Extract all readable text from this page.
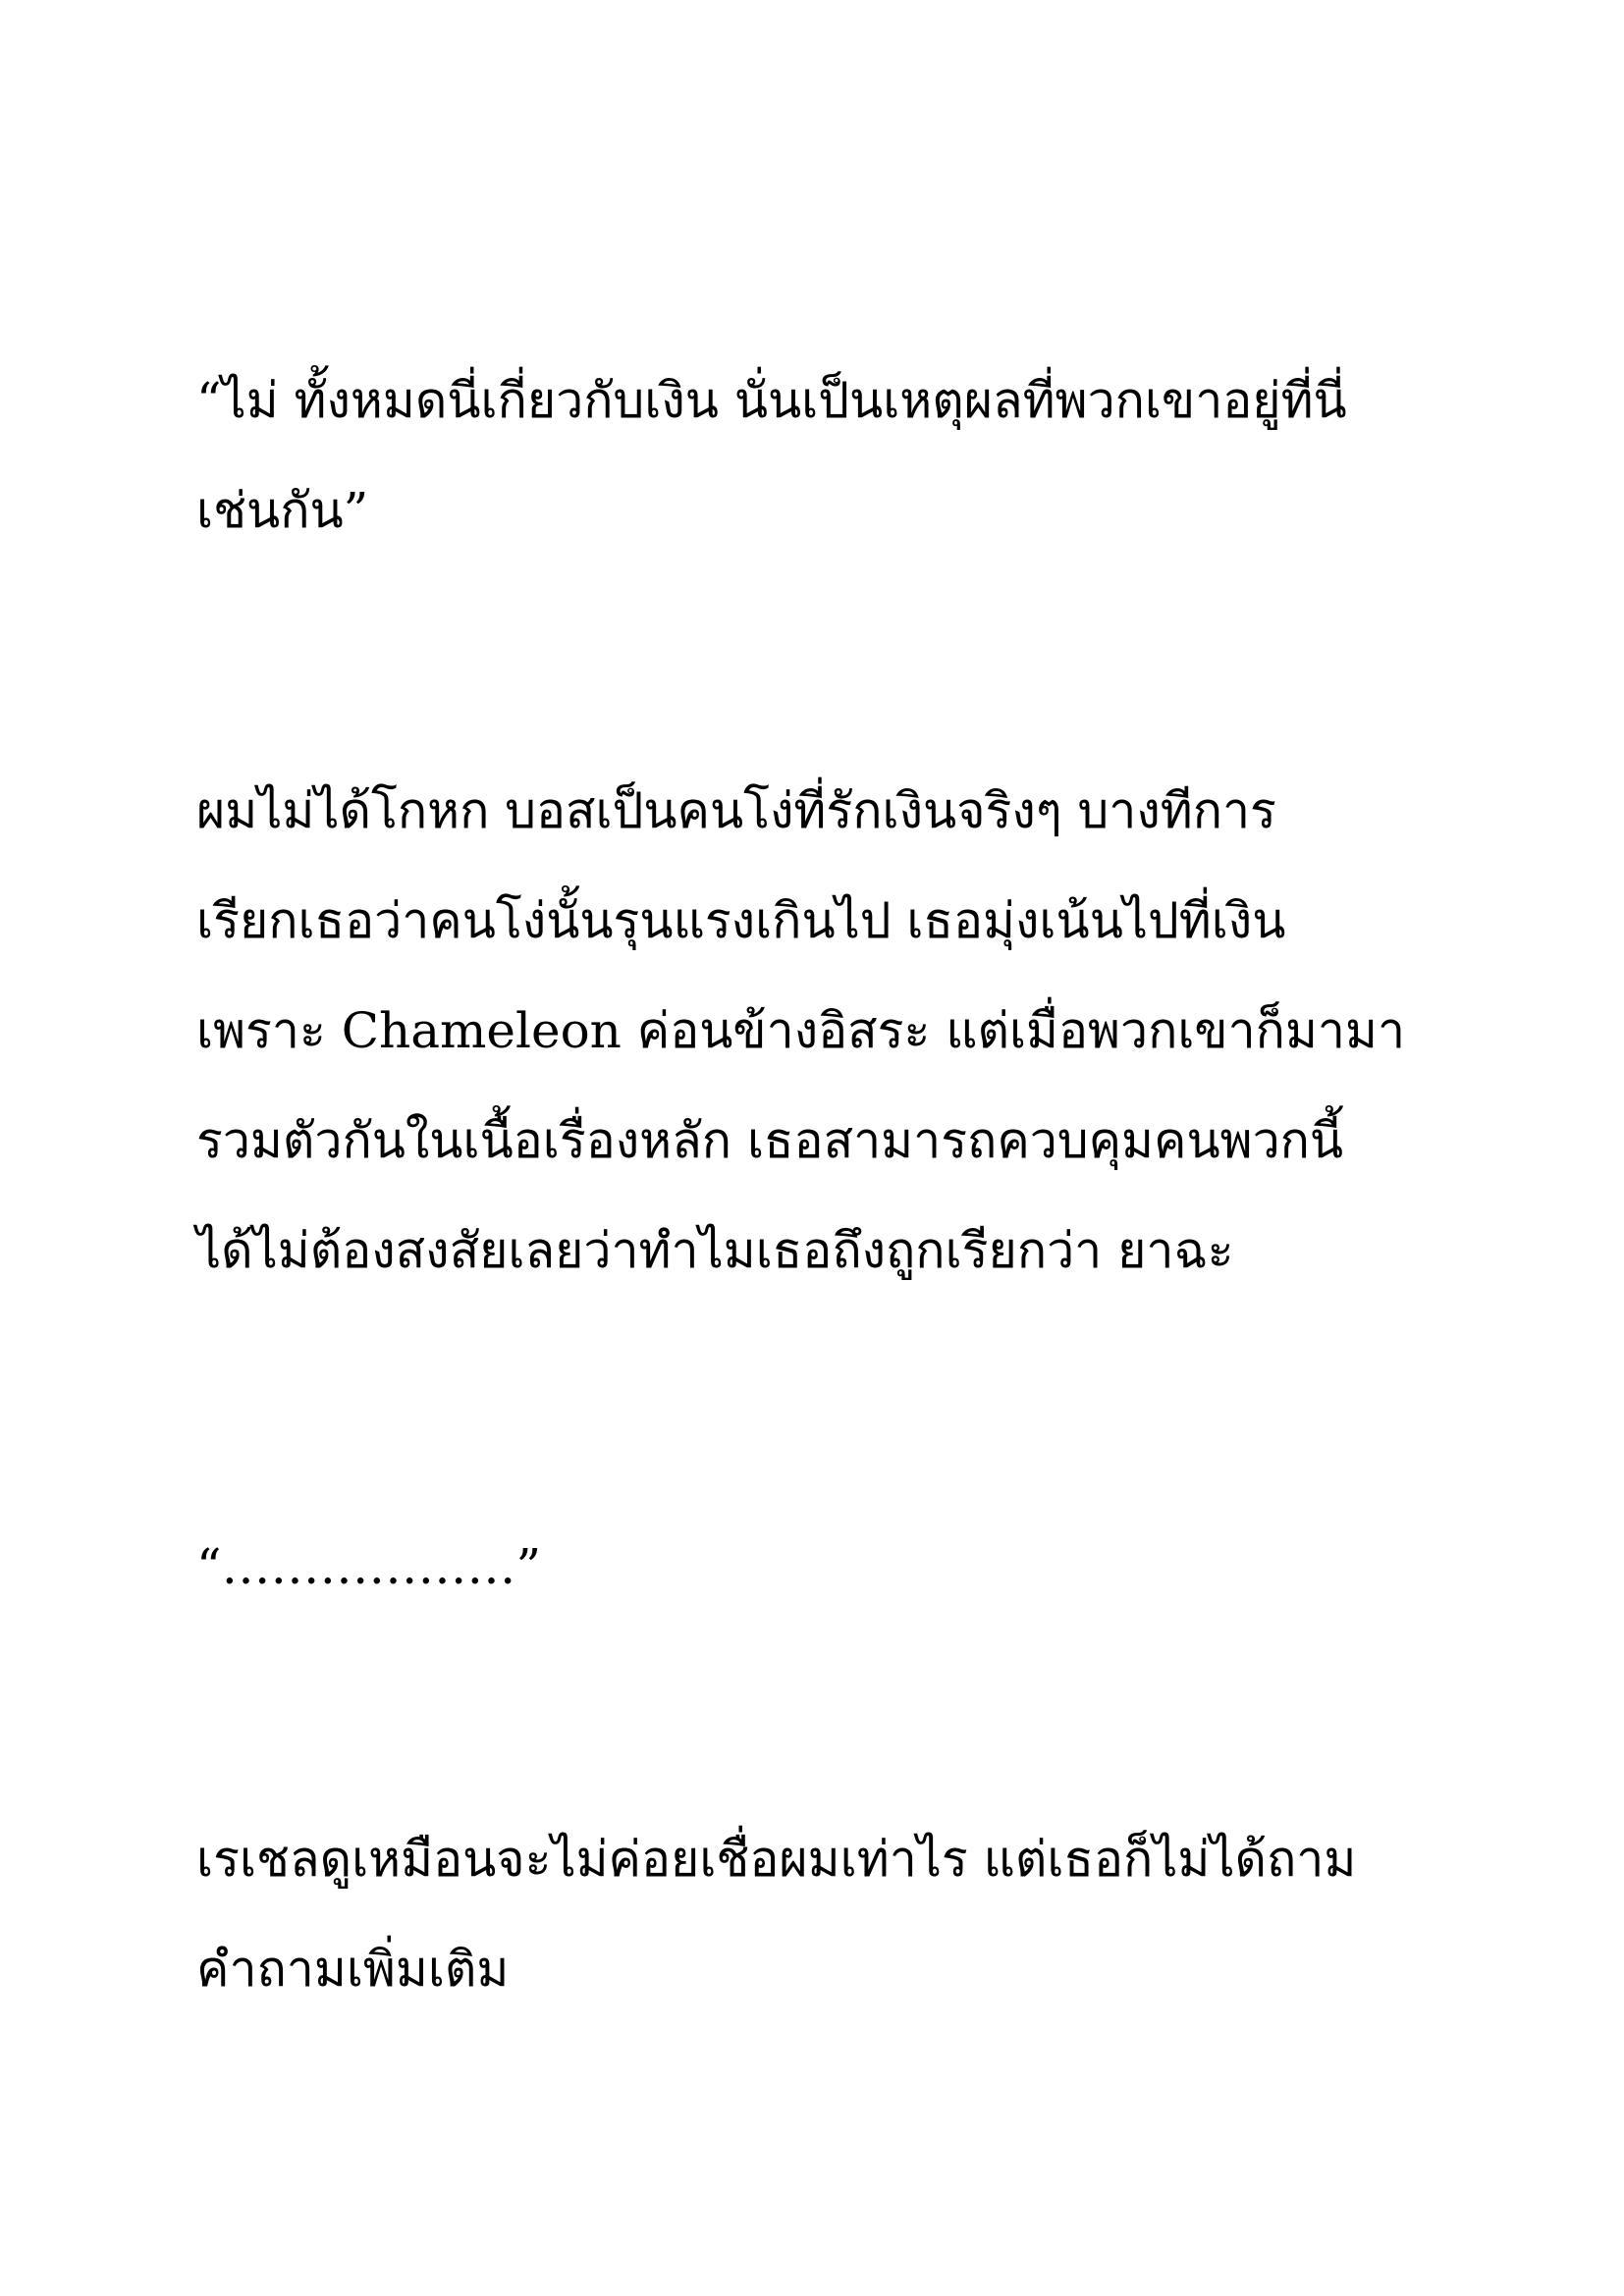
“ไม่ ทั้งหมดนี่เกี่ยวกับเงิน นั่นเป็นเหตุผลที่พวกเขาอยู่ที่นี่
เช่นกัน”

ผมไม่ได้โกหก บอสเป็นคนโง่ที่รักเงินจริงๆ บางทีการ
เรียกเธอว่าคนโง่นั้นรุนแรงเกินไป เธอมุ่งเน้นไปที่เงิน
เพราะ Chameleon ค่อนข้างอิสระ แต่เมื่อพวกเขาก็มามา
รวมตัวกันในเนื้อเรื่องหลัก เธอสามารถควบคุมคนพวกนี้
ได้ไม่ต้องสงสัยเลยว่าทำไมเธอถึงถูกเรียกว่า ยาฉะ

“………………”

เรเชลดูเหมือนจะไม่ค่อยเชื่อผมเท่าไร แต่เธอก็ไม่ได้ถาม
คำถามเพิ่มเติม
